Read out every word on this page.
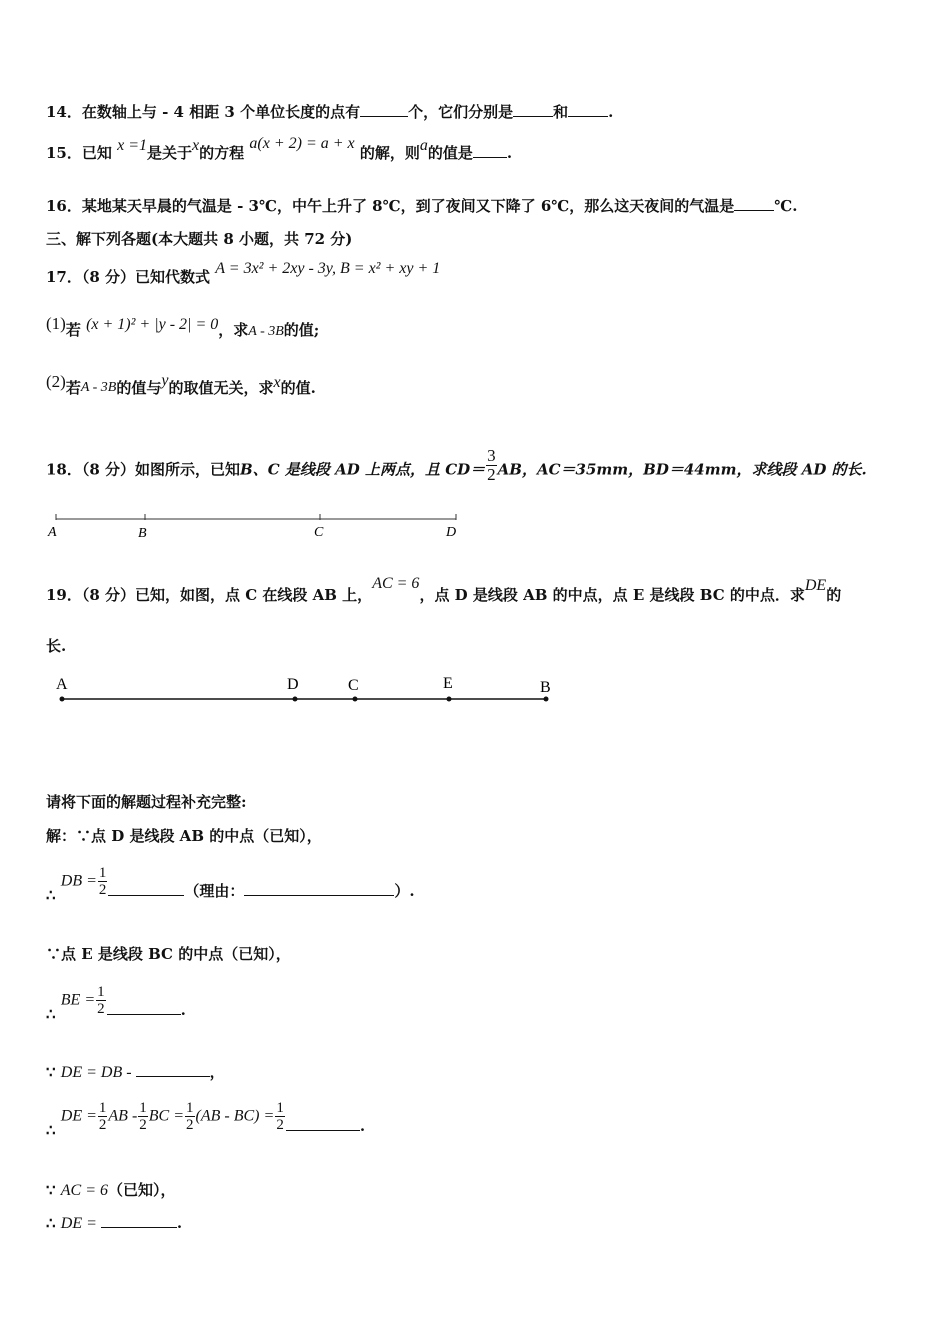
14．在数轴上与 - 4 相距 3 个单位长度的点有	个，它们分别是	和	.
15．已知 x =1是关于x的方程 a(x + 2) = a + x 的解，则a的值是 .
16．某地某天早晨的气温是 - 3℃，中午上升了 8℃，到了夜间又下降了 6℃，那么这天夜间的气温是	℃.
三、解下列各题(本大题共 8 小题，共 72 分)
17．（8 分）已知代数式 A = 3x² + 2xy - 3y, B = x² + xy + 1
(1)若 (x + 1)² + |y - 2| = 0，求A - 3B的值;
(2)若A - 3B的值与y的取值无关，求x的值.
18．（8 分）如图所示，已知B、C 是线段 AD 上两点，且 $CD= \frac{3}{2}$ AB，AC＝35mm，BD＝44mm，求线段 AD 的长.
A	B	C	D
19．（8 分）已知，如图，点 C 在线段 AB 上，AC = 6，点 D 是线段 AB 的中点，点 E 是线段 BC 的中点．求DE的
长.
A	D	C	E	B
请将下面的解题过程补充完整:
解：∵点 D 是线段 AB 的中点（已知），
∴ DB = $\frac{1}{2}$	（理由：	）.
∵点 E 是线段 BC 的中点（已知），
∴ BE = $\frac{1}{2}$	.
∵ DE = DB -	，
∴ DE = $\frac{1}{2}$ AB - $\frac{1}{2}$ BC = $\frac{1}{2} (AB - BC) = \frac{1}{2}$	.
∵ AC = 6（已知），
∴ DE =	.
